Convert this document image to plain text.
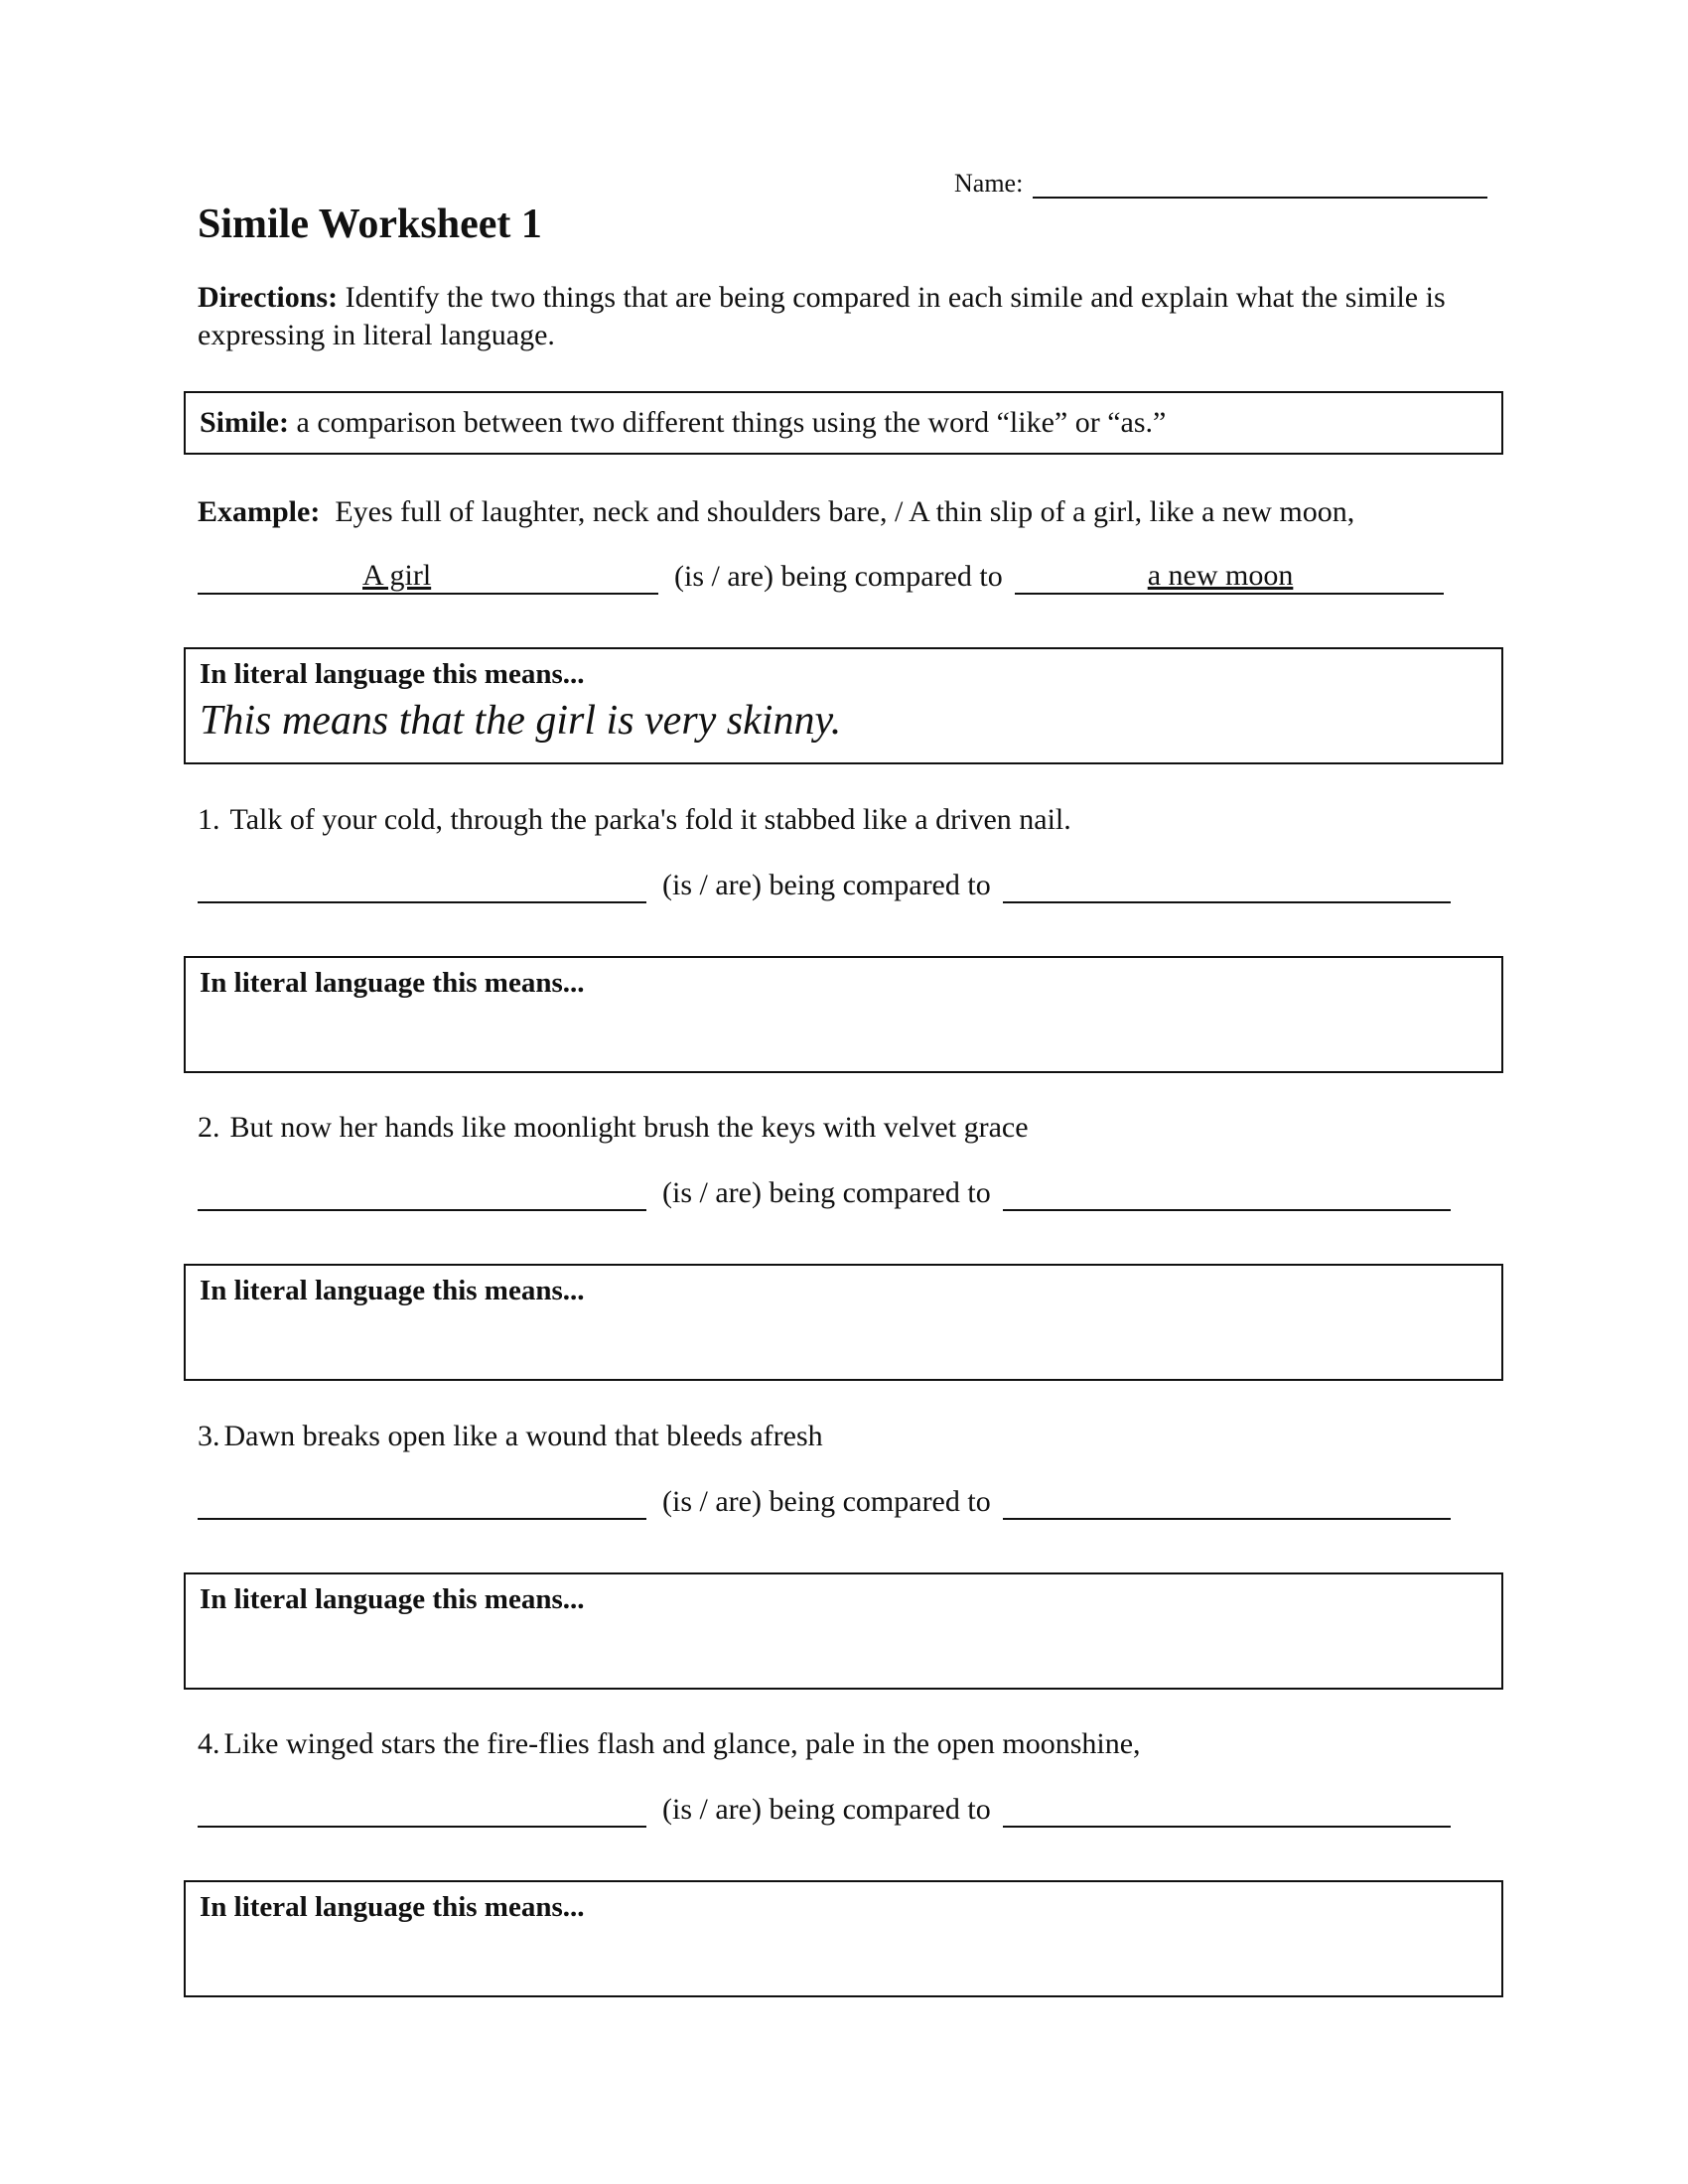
Name:
Simile Worksheet 1
Directions: Identify the two things that are being compared in each simile and explain what the simile is expressing in literal language.
Simile: a comparison between two different things using the word “like” or “as.”
Example: Eyes full of laughter, neck and shoulders bare, / A thin slip of a girl, like a new moon,
A girl	(is / are) being compared to	a new moon
In literal language this means...
This means that the girl is very skinny.
1. Talk of your cold, through the parka's fold it stabbed like a driven nail.
(is / are) being compared to
In literal language this means...
2. But now her hands like moonlight brush the keys with velvet grace
(is / are) being compared to
In literal language this means...
3. Dawn breaks open like a wound that bleeds afresh
(is / are) being compared to
In literal language this means...
4. Like winged stars the fire-flies flash and glance, pale in the open moonshine,
(is / are) being compared to
In literal language this means...
